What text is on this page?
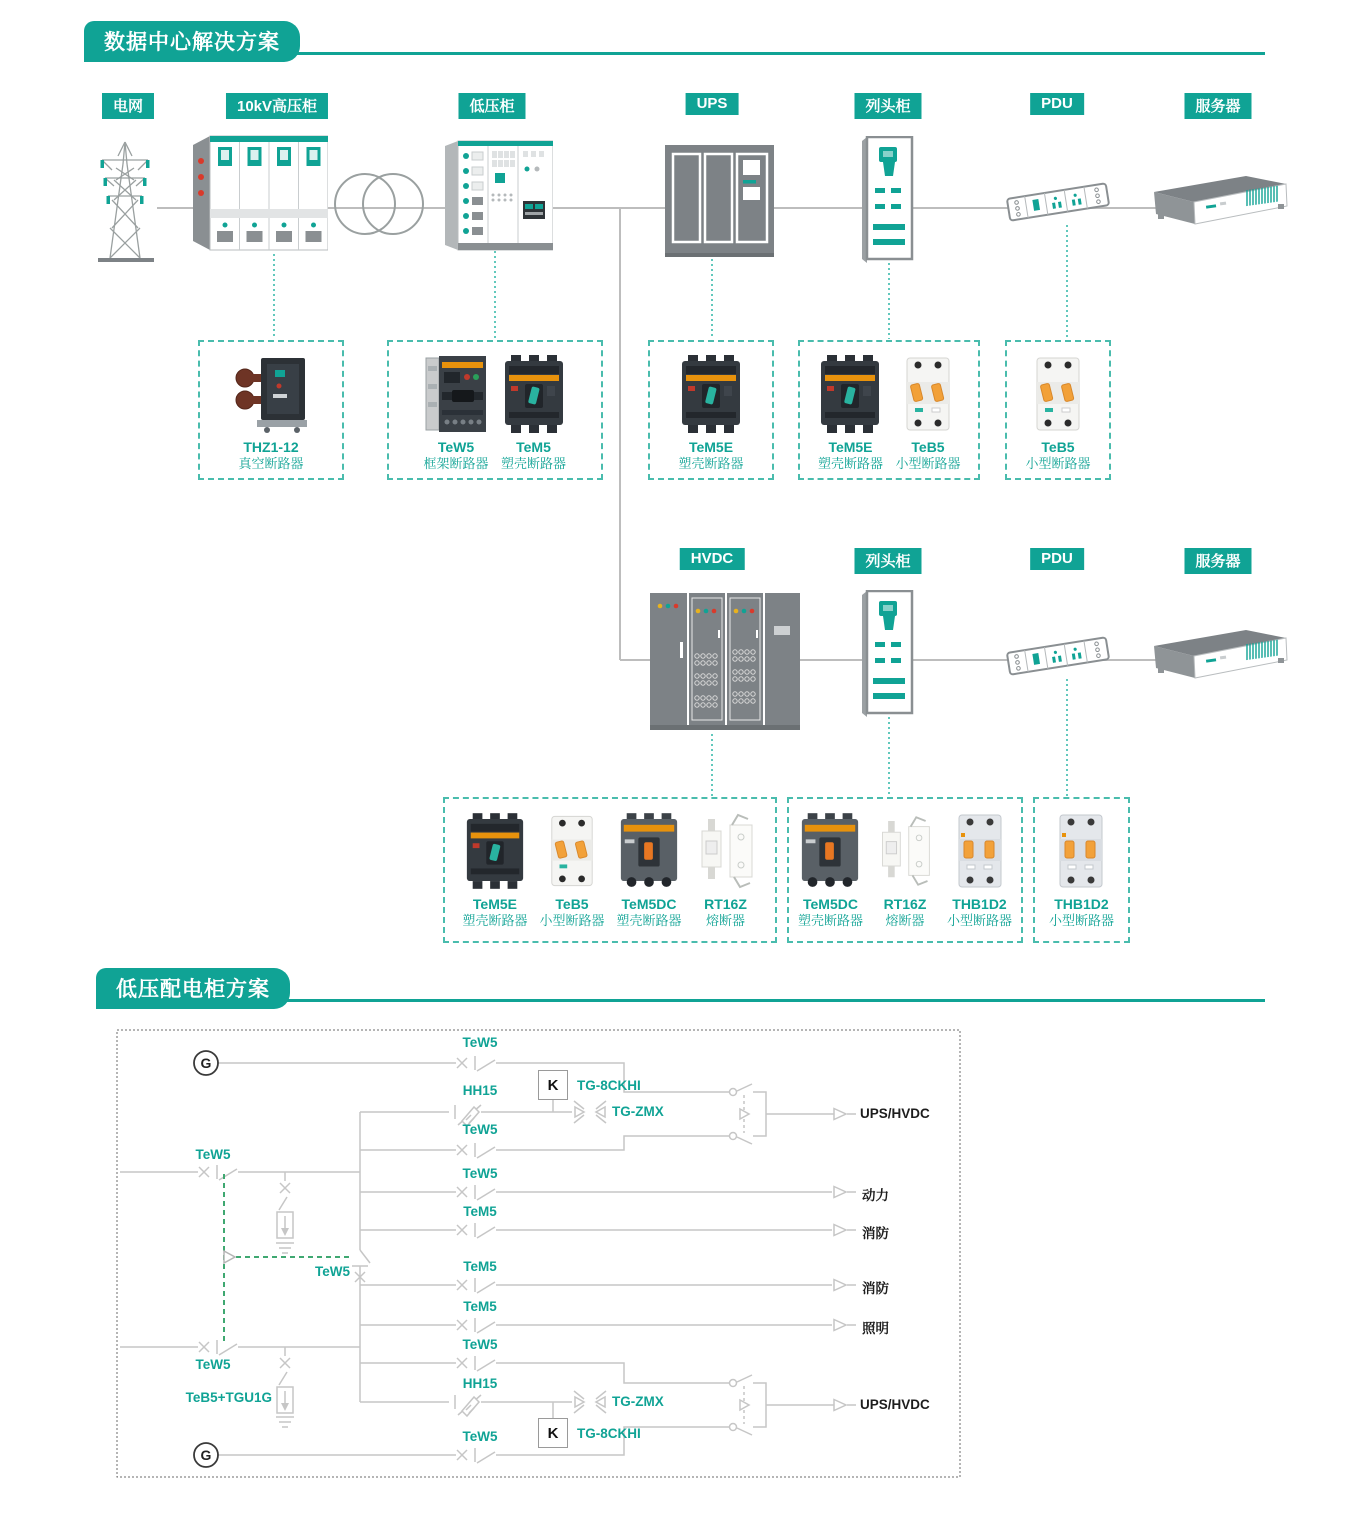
数据中心解决方案
低压配电柜方案
电网	10kV高压柜	低压柜	UPS	列头柜	PDU	服务器
HVDC	列头柜	PDU	服务器
THZ1-12
真空断路器
TeW5
框架断路器
TeM5
塑壳断路器
TeM5E
塑壳断路器
TeM5E
塑壳断路器
TeB5
小型断路器
TeB5
小型断路器
TeM5E
塑壳断路器
TeB5
小型断路器
TeM5DC
塑壳断路器
RT16Z
熔断器
TeM5DC
塑壳断路器
RT16Z
熔断器
THB1D2
小型断路器
THB1D2
小型断路器
G
G
K
K
TeW5
TG-8CKHI
HH15
TG-ZMX
TeW5
TeW5
TeW5
TeM5
TeW5	TeM5
TeM5
TeW5
TeW5
TeB5+TGU1G
HH15
TG-ZMX
TG-8CKHI
TeW5
UPS/HVDC
动力
消防
消防
照明
UPS/HVDC
